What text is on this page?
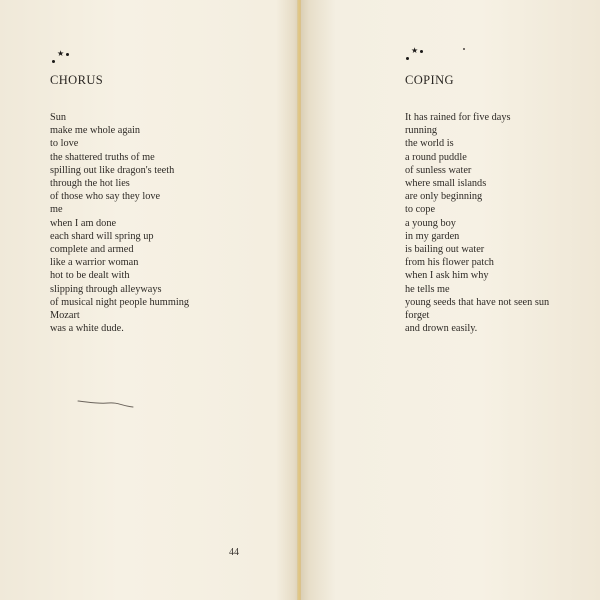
★
CHORUS
Sun
make me whole again
to love
the shattered truths of me
spilling out like dragon's teeth
through the hot lies
of those who say they love
me
when I am done
each shard will spring up
complete and armed
like a warrior woman
hot to be dealt with
slipping through alleyways
of musical night people humming
Mozart
was a white dude.
44
★
COPING
It has rained for five days
running
the world is
a round puddle
of sunless water
where small islands
are only beginning
to cope
a young boy
in my garden
is bailing out water
from his flower patch
when I ask him why
he tells me
young seeds that have not seen sun
forget
and drown easily.
